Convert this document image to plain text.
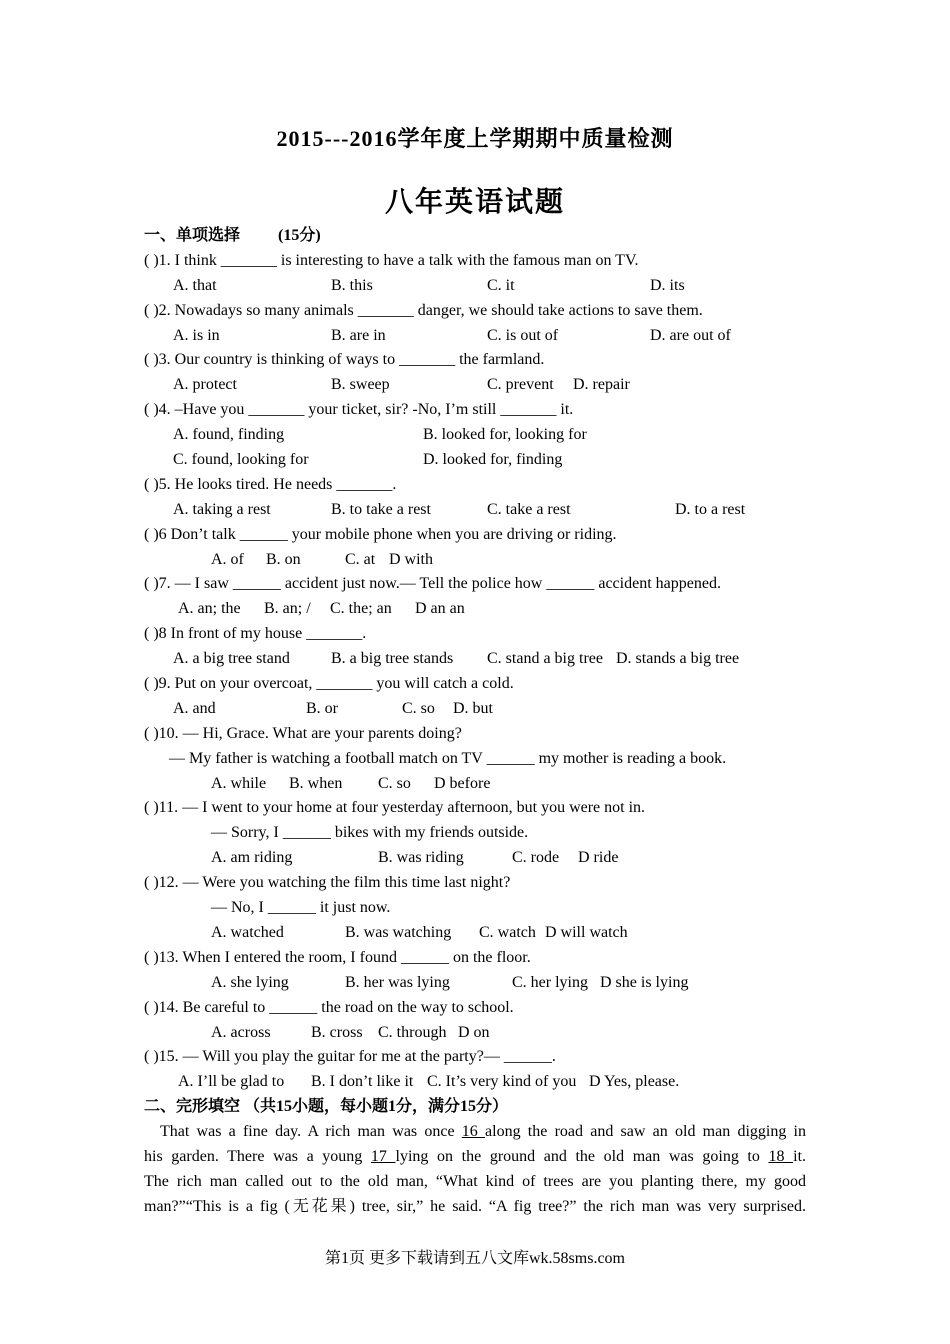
2015---2016学年度上学期期中质量检测
八年英语试题
一、单项选择 (15分)
( )1. I think _______ is interesting to have a talk with the famous man on TV.
A. that	B. this	C. it	D. its
( )2. Nowadays so many animals _______ danger, we should take actions to save them.
A. is in	B. are in	C. is out of	D. are out of
( )3. Our country is thinking of ways to _______ the farmland.
A. protect	B. sweep	C. prevent D. repair
( )4. –Have you _______ your ticket, sir? -No, I’m still _______ it.
A. found, finding	B. looked for, looking for
C. found, looking for	D. looked for, finding
( )5. He looks tired. He needs _______.
A. taking a rest	B. to take a rest	C. take a rest	D. to a rest
( )6 Don’t talk ______ your mobile phone when you are driving or riding.
A. of B. on	C. at D with
( )7. — I saw ______ accident just now.— Tell the police how ______ accident happened.
A. an; the B. an; / C. the; an D an an
( )8 In front of my house _______.
A. a big tree stand	B. a big tree stands C. stand a big tree D. stands a big tree
( )9. Put on your overcoat, _______ you will catch a cold.
A. and	B. or	C. so D. but
( )10. — Hi, Grace. What are your parents doing?
— My father is watching a football match on TV ______ my mother is reading a book.
A. while B. when C. so D before
( )11. — I went to your home at four yesterday afternoon, but you were not in.
— Sorry, I ______ bikes with my friends outside.
A. am riding	B. was riding	C. rode D ride
( )12. — Were you watching the film this time last night?
— No, I ______ it just now.
A. watched	B. was watching C. watch D will watch
( )13. When I entered the room, I found ______ on the floor.
A. she lying	B. her was lying	C. her lying D she is lying
( )14. Be careful to ______ the road on the way to school.
A. across	B. cross C. through D on
( )15. — Will you play the guitar for me at the party?— ______.
A. I’ll be glad to B. I don’t like it C. It’s very kind of you D Yes, please.
二、完形填空 （共15小题，每小题1分，满分15分）
That was a fine day. A rich man was once 16 along the road and saw an old man digging in
his garden. There was a young 17 lying on the ground and the old man was going to 18 it.
The rich man called out to the old man, “What kind of trees are you planting there, my good
man?”“This is a fig (无花果) tree, sir,” he said. “A fig tree?” the rich man was very surprised.
第1页 更多下载请到五八文库wk.58sms.com
